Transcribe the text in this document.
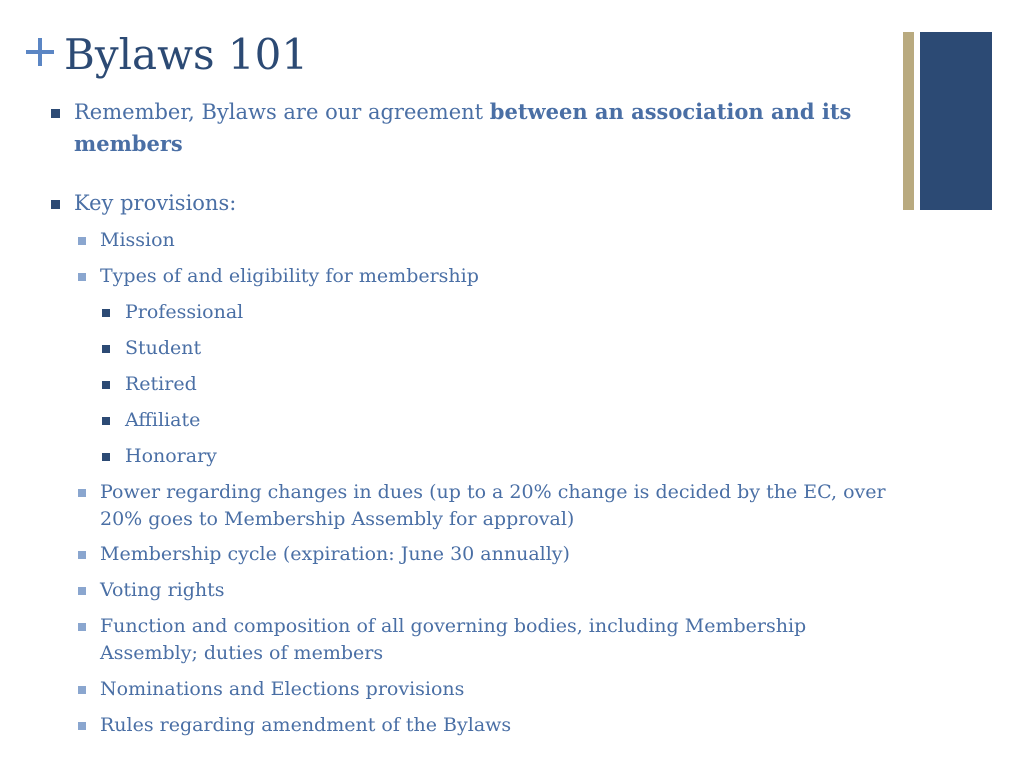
Bylaws 101
Remember, Bylaws are our agreement between an association and its members
Key provisions:
Mission
Types of and eligibility for membership
Professional
Student
Retired
Affiliate
Honorary
Power regarding changes in dues (up to a 20% change is decided by the EC, over 20% goes to Membership Assembly for approval)
Membership cycle (expiration: June 30 annually)
Voting rights
Function and composition of all governing bodies, including Membership Assembly; duties of members
Nominations and Elections provisions
Rules regarding amendment of the Bylaws
